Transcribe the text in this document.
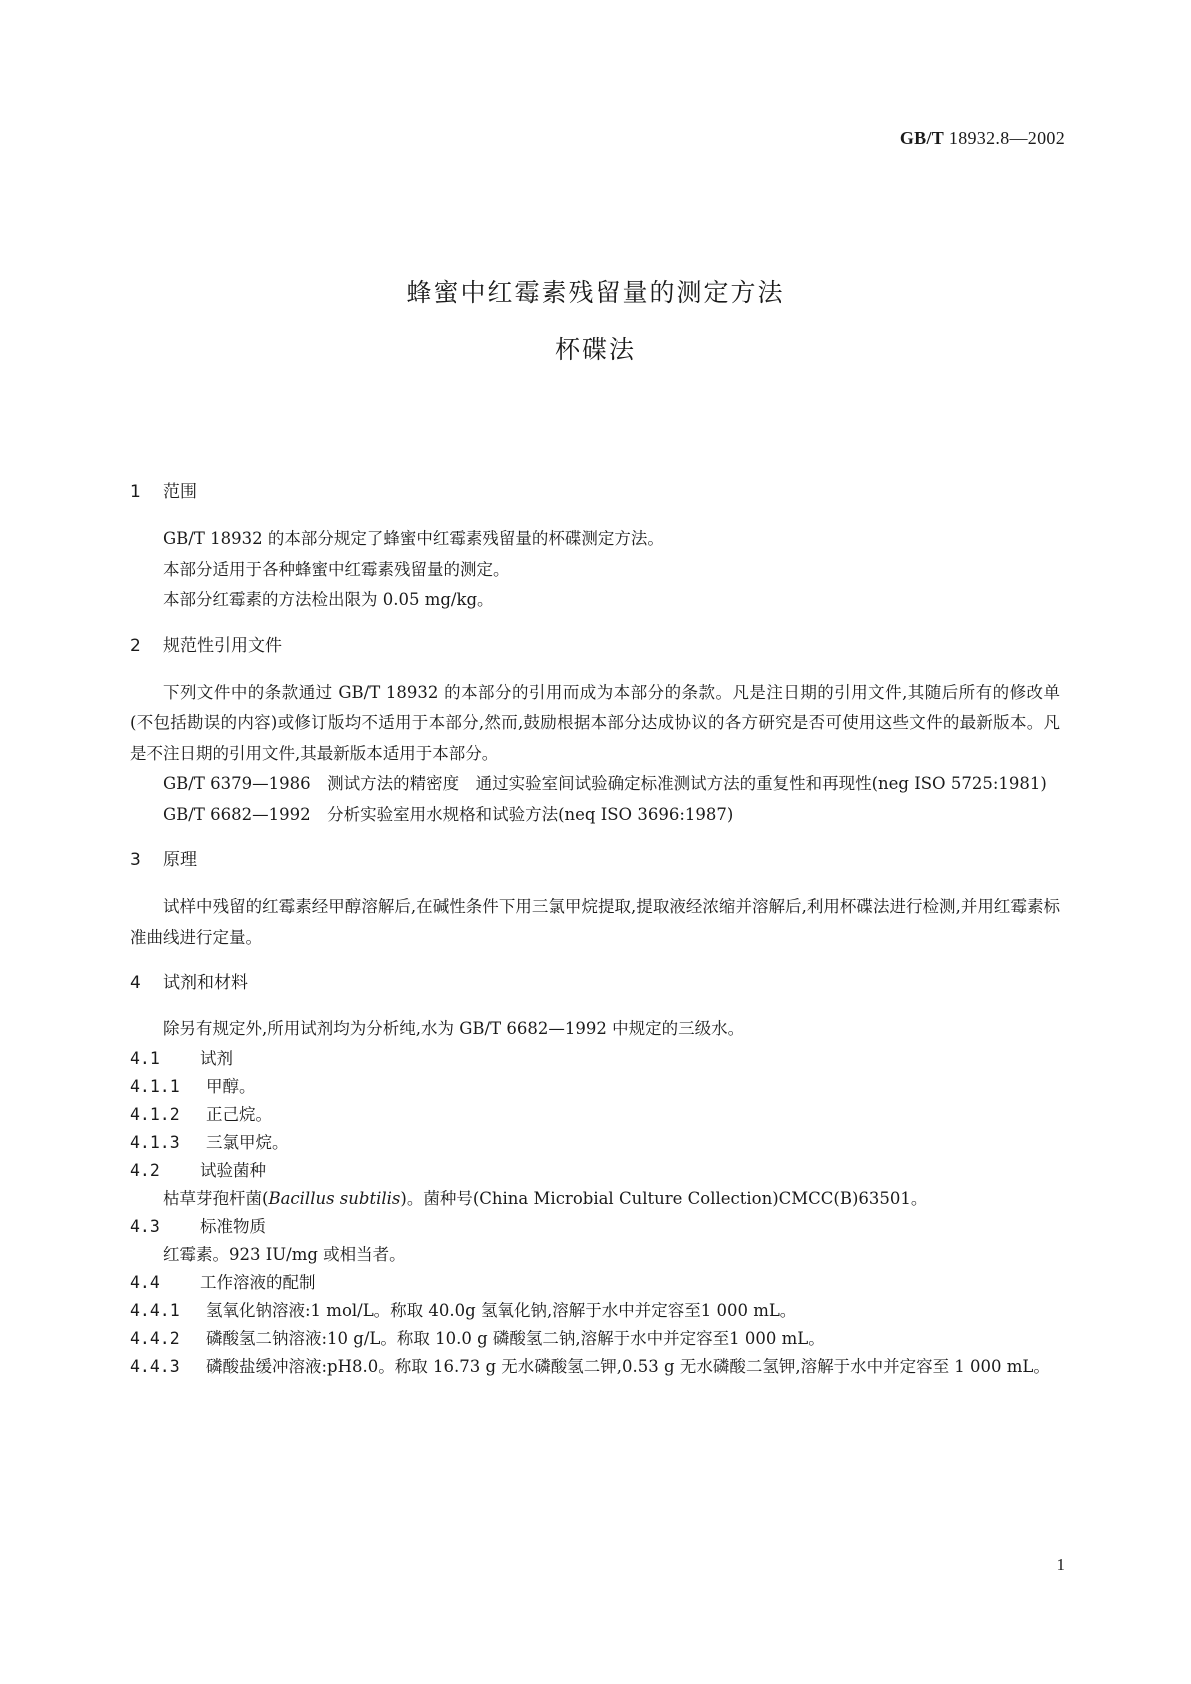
GB/T 18932.8—2002
蜂蜜中红霉素残留量的测定方法
杯碟法
1 范围
GB/T 18932 的本部分规定了蜂蜜中红霉素残留量的杯碟测定方法。
本部分适用于各种蜂蜜中红霉素残留量的测定。
本部分红霉素的方法检出限为 0.05 mg/kg。
2 规范性引用文件
下列文件中的条款通过 GB/T 18932 的本部分的引用而成为本部分的条款。凡是注日期的引用文件,其随后所有的修改单(不包括勘误的内容)或修订版均不适用于本部分,然而,鼓励根据本部分达成协议的各方研究是否可使用这些文件的最新版本。凡是不注日期的引用文件,其最新版本适用于本部分。
GB/T 6379—1986　测试方法的精密度　通过实验室间试验确定标准测试方法的重复性和再现性(neg ISO 5725:1981)
GB/T 6682—1992　分析实验室用水规格和试验方法(neq ISO 3696:1987)
3 原理
试样中残留的红霉素经甲醇溶解后,在碱性条件下用三氯甲烷提取,提取液经浓缩并溶解后,利用杯碟法进行检测,并用红霉素标准曲线进行定量。
4 试剂和材料
除另有规定外,所用试剂均为分析纯,水为 GB/T 6682—1992 中规定的三级水。
4.1 试剂
4.1.1 甲醇。
4.1.2 正己烷。
4.1.3 三氯甲烷。
4.2 试验菌种
枯草芽孢杆菌(Bacillus subtilis)。菌种号(China Microbial Culture Collection)CMCC(B)63501。
4.3 标准物质
红霉素。923 IU/mg 或相当者。
4.4 工作溶液的配制
4.4.1 氢氧化钠溶液:1 mol/L。称取 40.0g 氢氧化钠,溶解于水中并定容至1 000 mL。
4.4.2 磷酸氢二钠溶液:10 g/L。称取 10.0 g 磷酸氢二钠,溶解于水中并定容至1 000 mL。
4.4.3 磷酸盐缓冲溶液:pH8.0。称取 16.73 g 无水磷酸氢二钾,0.53 g 无水磷酸二氢钾,溶解于水中并定容至 1 000 mL。
1
